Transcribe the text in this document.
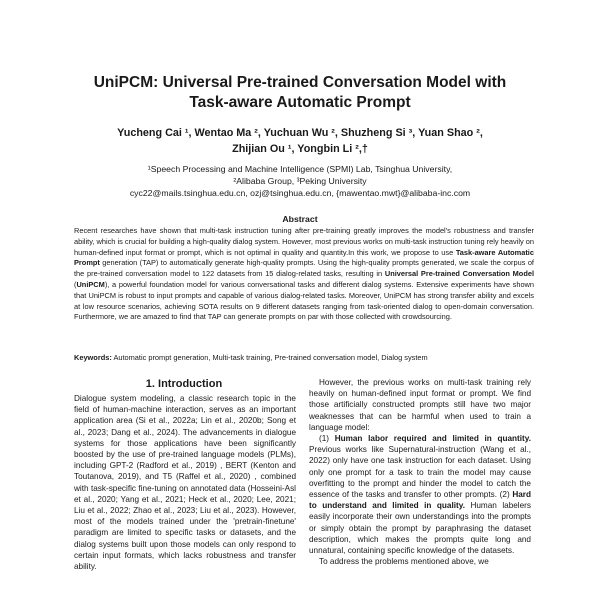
UniPCM: Universal Pre-trained Conversation Model with
Task-aware Automatic Prompt
Yucheng Cai ¹, Wentao Ma ², Yuchuan Wu ², Shuzheng Si ³, Yuan Shao ²,
Zhijian Ou ¹, Yongbin Li ²,†
¹Speech Processing and Machine Intelligence (SPMI) Lab, Tsinghua University,
²Alibaba Group, ³Peking University
cyc22@mails.tsinghua.edu.cn, ozj@tsinghua.edu.cn, {mawentao.mwt}@alibaba-inc.com
Abstract
Recent researches have shown that multi-task instruction tuning after pre-training greatly improves the model's robustness and transfer ability, which is crucial for building a high-quality dialog system. However, most previous works on multi-task instruction tuning rely heavily on human-defined input format or prompt, which is not optimal in quality and quantity.In this work, we propose to use Task-aware Automatic Prompt generation (TAP) to automatically generate high-quality prompts. Using the high-quality prompts generated, we scale the corpus of the pre-trained conversation model to 122 datasets from 15 dialog-related tasks, resulting in Universal Pre-trained Conversation Model (UniPCM), a powerful foundation model for various conversational tasks and different dialog systems. Extensive experiments have shown that UniPCM is robust to input prompts and capable of various dialog-related tasks. Moreover, UniPCM has strong transfer ability and excels at low resource scenarios, achieving SOTA results on 9 different datasets ranging from task-oriented dialog to open-domain conversation. Furthermore, we are amazed to find that TAP can generate prompts on par with those collected with crowdsourcing.
Keywords: Automatic prompt generation, Multi-task training, Pre-trained conversation model, Dialog system
1. Introduction

Dialogue system modeling, a classic research topic in the field of human-machine interaction, serves as an important application area (Si et al., 2022a; Lin et al., 2020b; Song et al., 2023; Dang et al., 2024). The advancements in dialogue systems for those applications have been significantly boosted by the use of pre-trained language models (PLMs), including GPT-2 (Radford et al., 2019) , BERT (Kenton and Toutanova, 2019), and T5 (Raffel et al., 2020) , combined with task-specific fine-tuning on annotated data (Hosseini-Asl et al., 2020; Yang et al., 2021; Heck et al., 2020; Lee, 2021; Liu et al., 2022; Zhao et al., 2023; Liu et al., 2023). However, most of the models trained under the 'pretrain-finetune' paradigm are limited to specific tasks or datasets, and the dialog systems built upon those models can only respond to certain input formats, which lacks robustness and transfer ability.

However, the previous works on multi-task training rely heavily on human-defined input format or prompt. We find those artificially constructed prompts still have two major weaknesses that can be harmful when used to train a language model:

(1) Human labor required and limited in quantity. Previous works like Supernatural-instruction (Wang et al., 2022) only have one task instruction for each dataset. Using only one prompt for a task to train the model may cause overfitting to the prompt and hinder the model to catch the essence of the tasks and transfer to other prompts. (2) Hard to understand and limited in quality. Human labelers easily incorporate their own understandings into the prompts or simply obtain the prompt by paraphrasing the dataset description, which makes the prompts quite long and unnatural, containing specific knowledge of the datasets.

To address the problems mentioned above, we
